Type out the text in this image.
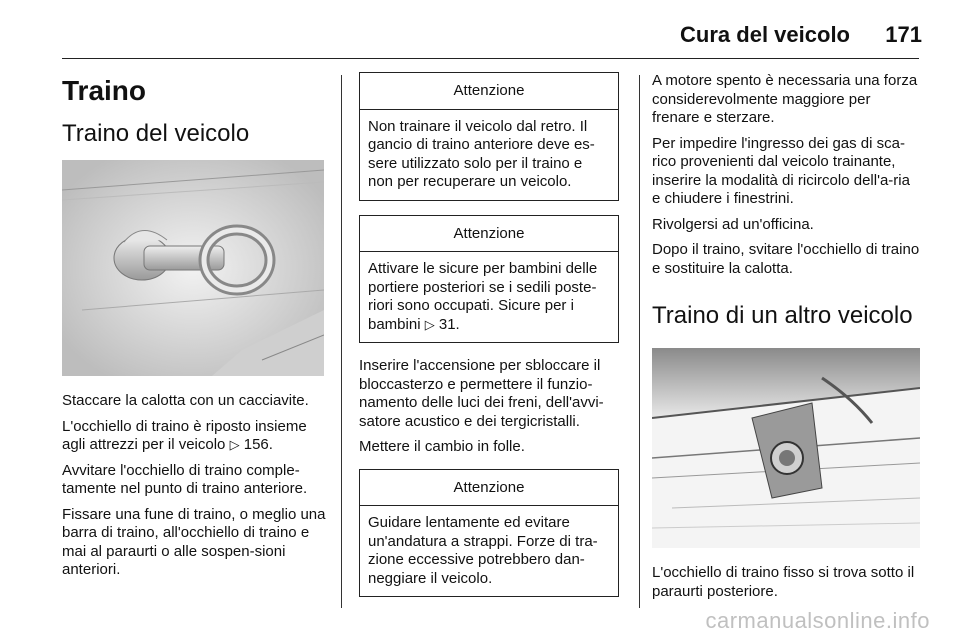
Cura del veicolo 171
Traino
Traino del veicolo

Staccare la calotta con un cacciavite.

L'occhiello di traino è riposto insieme agli attrezzi per il veicolo ▷ 156.

Avvitare l'occhiello di traino comple-tamente nel punto di traino anteriore.

Fissare una fune di traino, o meglio una barra di traino, all'occhiello di traino e mai al paraurti o alle sospen-sioni anteriori.

Attenzione
Non trainare il veicolo dal retro. Il gancio di traino anteriore deve es-sere utilizzato solo per il traino e non per recuperare un veicolo.
Attenzione
Attivare le sicure per bambini delle portiere posteriori se i sedili poste-riori sono occupati. Sicure per i bambini ▷ 31.

Inserire l'accensione per sbloccare il bloccasterzo e permettere il funzio-namento delle luci dei freni, dell'avvi-satore acustico e dei tergicristalli.

Mettere il cambio in folle.

Attenzione
Guidare lentamente ed evitare un'andatura a strappi. Forze di tra-zione eccessive potrebbero dan-neggiare il veicolo.

A motore spento è necessaria una forza considerevolmente maggiore per frenare e sterzare.

Per impedire l'ingresso dei gas di sca-rico provenienti dal veicolo trainante, inserire la modalità di ricircolo dell'a-ria e chiudere i finestrini.

Rivolgersi ad un'officina.

Dopo il traino, svitare l'occhiello di traino e sostituire la calotta.

Traino di un altro veicolo

L'occhiello di traino fisso si trova sotto il paraurti posteriore.

carmanualsonline.info
